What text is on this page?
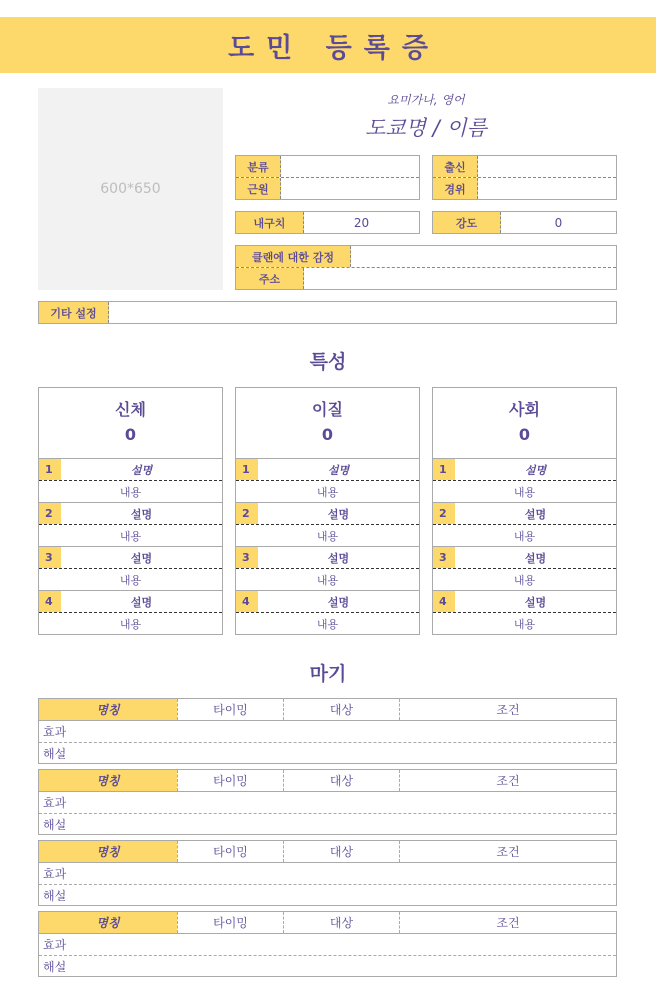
도민 등록증
600*650
요미가나, 영어
도쿄명 / 이름
분류
근원
출신
경위
내구치	20	강도	0
클랜에 대한 감정
주소
기타 설정
특성
신체
0
1	설명
내용
2	설명
내용
3	설명
내용
4	설명
내용
이질
0
1	설명
내용
2	설명
내용
3	설명
내용
4	설명
내용
사회
0
1	설명
내용
2	설명
내용
3	설명
내용
4	설명
내용
마기
명칭	타이밍	대상	조건
효과
해설
명칭	타이밍	대상	조건
효과
해설
명칭	타이밍	대상	조건
효과
해설
명칭	타이밍	대상	조건
효과
해설
